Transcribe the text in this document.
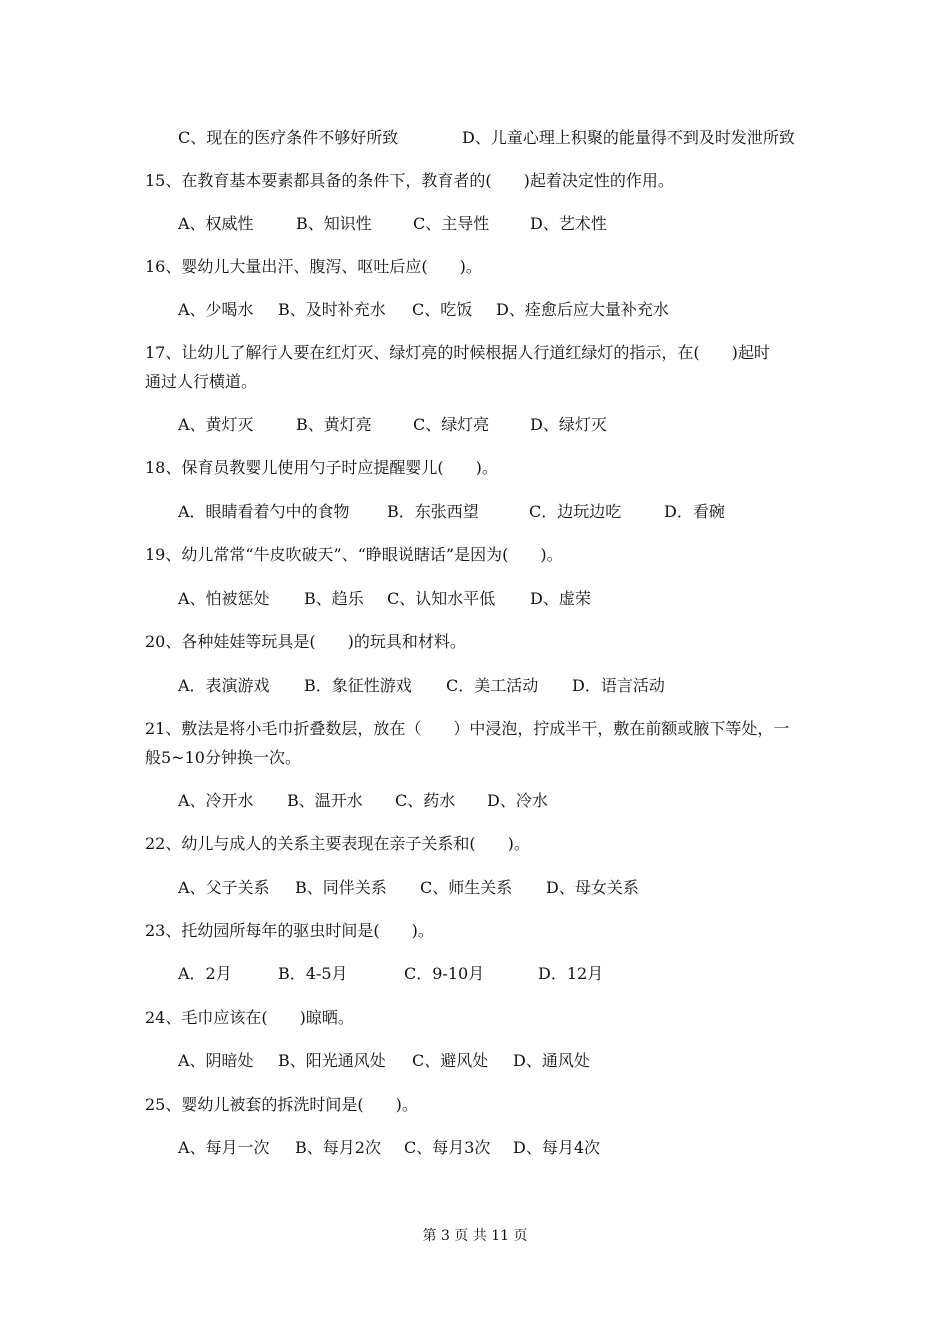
C、现在的医疗条件不够好所致	D、儿童心理上积聚的能量得不到及时发泄所致
15、在教育基本要素都具备的条件下，教育者的(　　)起着决定性的作用。
A、权威性	B、知识性	C、主导性	D、艺术性
16、婴幼儿大量出汗、腹泻、呕吐后应(　　)。
A、少喝水 B、及时补充水 C、吃饭 D、痊愈后应大量补充水
17、让幼儿了解行人要在红灯灭、绿灯亮的时候根据人行道红绿灯的指示，在(　　)起时
通过人行横道。
A、黄灯灭	B、黄灯亮	C、绿灯亮	D、绿灯灭
18、保育员教婴儿使用勺子时应提醒婴儿(　　)。
A．眼睛看着勺中的食物 B．东张西望	C．边玩边吃	D．看碗
19、幼儿常常“牛皮吹破天”、“睁眼说瞎话”是因为(　　)。
A、怕被惩处 B、趋乐 C、认知水平低 D、虚荣
20、各种娃娃等玩具是(　　)的玩具和材料。
A．表演游戏 B．象征性游戏 C．美工活动 D．语言活动
21、敷法是将小毛巾折叠数层，放在（　　）中浸泡，拧成半干，敷在前额或腋下等处，一
般5~10分钟换一次。
A、冷开水 B、温开水 C、药水 D、冷水
22、幼儿与成人的关系主要表现在亲子关系和(　　)。
A、父子关系 B、同伴关系 C、师生关系 D、母女关系
23、托幼园所每年的驱虫时间是(　　)。
A．2月	B．4-5月	C．9-10月	D．12月
24、毛巾应该在(　　)晾晒。
A、阴暗处 B、阳光通风处 C、避风处 D、通风处
25、婴幼儿被套的拆洗时间是(　　)。
A、每月一次 B、每月2次 C、每月3次 D、每月4次
第 3 页 共 11 页
